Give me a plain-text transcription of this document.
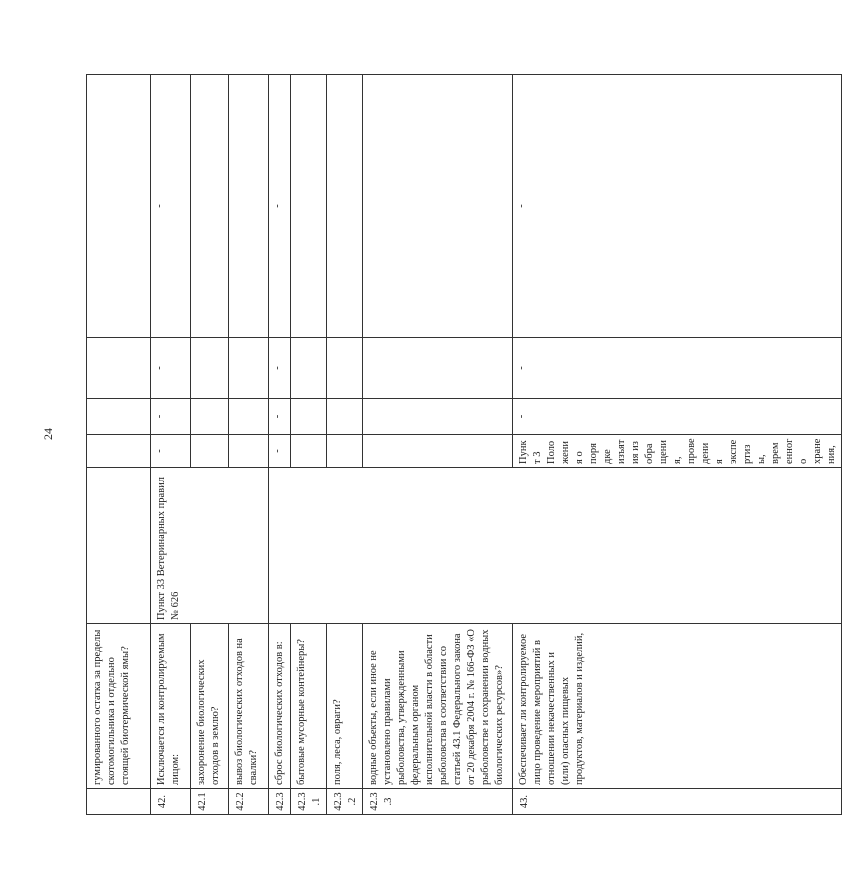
24
	гумированного остатка за пределы скотомогильника и отдельно стоящей биотермической ямы?						
42.	Исключается ли контролируемым лицом:	Пункт 33 Ветеринарных правил № 626	-	-	-	-	
42.1	захоронение биологических отходов в землю?						
42.2	вывоз биологических отходов на свалки?						
42.3	сброс биологических отходов в:		-	-	-	-	
42.3.1	бытовые мусорные контейнеры?						
42.3.2	поля, леса, овраги?						
42.3.3	водные объекты, если иное не установлено правилами рыболовства, утвержденными федеральным органом исполнительной власти в области рыболовства в соответствии со статьей 43.1 Федерального закона от 20 декабря 2004 г. № 166-ФЗ «О рыболовстве и сохранении водных биологических ресурсов»?						
43.	Обеспечивает ли контролируемое лицо проведение мероприятий в отношении некачественных и (или) опасных пищевых продуктов, материалов и изделий,		Пункт 3 Положения о порядке изъятия из обращения, проведения экспертизы, временного хранения,	-	-	-	
